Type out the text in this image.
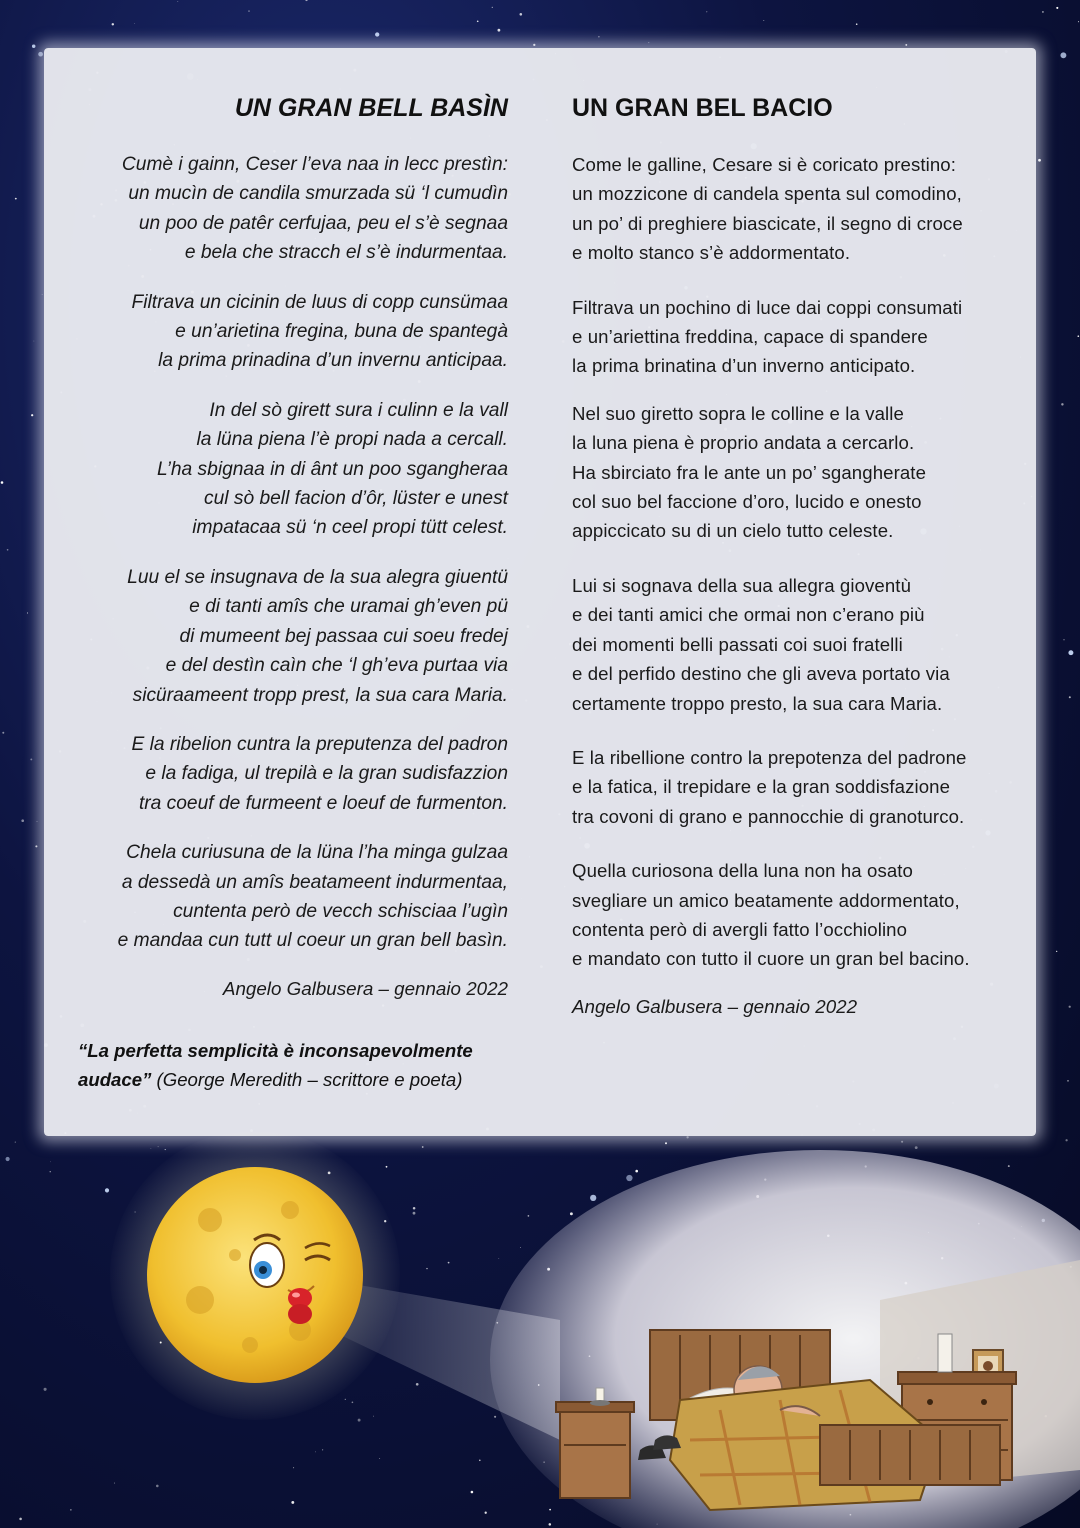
UN GRAN BELL BASÌN
Cumè i gainn, Ceser l’eva naa in lecc prestìn:
un mucìn de candila smurzada sü ‘l cumudìn
un poo de patêr cerfujaa, peu el s’è segnaa
e bela che stracch el s’è indurmentaa.
Filtrava un cicinin de luus di copp cunsümaa
e un’arietina fregina, buna de spantegà
la prima prinadina d’un invernu anticipaa.
In del sò girett sura i culinn e la vall
la lüna piena l’è propi nada a cercall.
L’ha sbignaa in di ânt un poo sgangheraa
cul sò bell facion d’ôr, lüster e unest
impatacaa sü ‘n ceel propi tütt celest.
Luu el se insugnava de la sua alegra giuentü
e di tanti amîs che uramai gh’even pü
di mumeent bej passaa cui soeu fredej
e del destìn caìn che ‘l gh’eva purtaa via
sicüraameent tropp prest, la sua cara Maria.
E la ribelion cuntra la preputenza del padron
e la fadiga, ul trepilà e la gran sudisfazzion
tra coeuf de furmeent e loeuf de furmenton.
Chela curiusuna de la lüna l’ha minga gulzaa
a dessedà un amîs beatameent indurmentaa,
cuntenta però de vecch schisciaa l’ugìn
e mandaa cun tutt ul coeur un gran bell basìn.
Angelo Galbusera – gennaio 2022
UN GRAN BEL BACIO
Come le galline, Cesare si è coricato prestino:
un mozzicone di candela spenta sul comodino,
un po’ di preghiere biascicate, il segno di croce
e molto stanco s’è addormentato.
Filtrava un pochino di luce dai coppi consumati
e un’ariettina freddina, capace di spandere
la prima brinatina d’un inverno anticipato.
Nel suo giretto sopra le colline e la valle
la luna piena è proprio andata a cercarlo.
Ha sbirciato fra le ante un po’ sgangherate
col suo bel faccione d’oro, lucido e onesto
appiccicato su di un cielo tutto celeste.
Lui si sognava della sua allegra gioventù
e dei tanti amici che ormai non c’erano più
dei momenti belli passati coi suoi fratelli
e del perfido destino che gli aveva portato via
certamente troppo presto, la sua cara Maria.
E la ribellione contro la prepotenza del padrone
e la fatica, il trepidare e la gran soddisfazione
tra covoni di grano e pannocchie di granoturco.
Quella curiosona della luna non ha osato
svegliare un amico beatamente addormentato,
contenta però di avergli fatto l’occhiolino
e mandato con tutto il cuore un gran bel bacino.
Angelo Galbusera – gennaio 2022
“La perfetta semplicità è inconsapevolmente audace” (George Meredith – scrittore e poeta)
